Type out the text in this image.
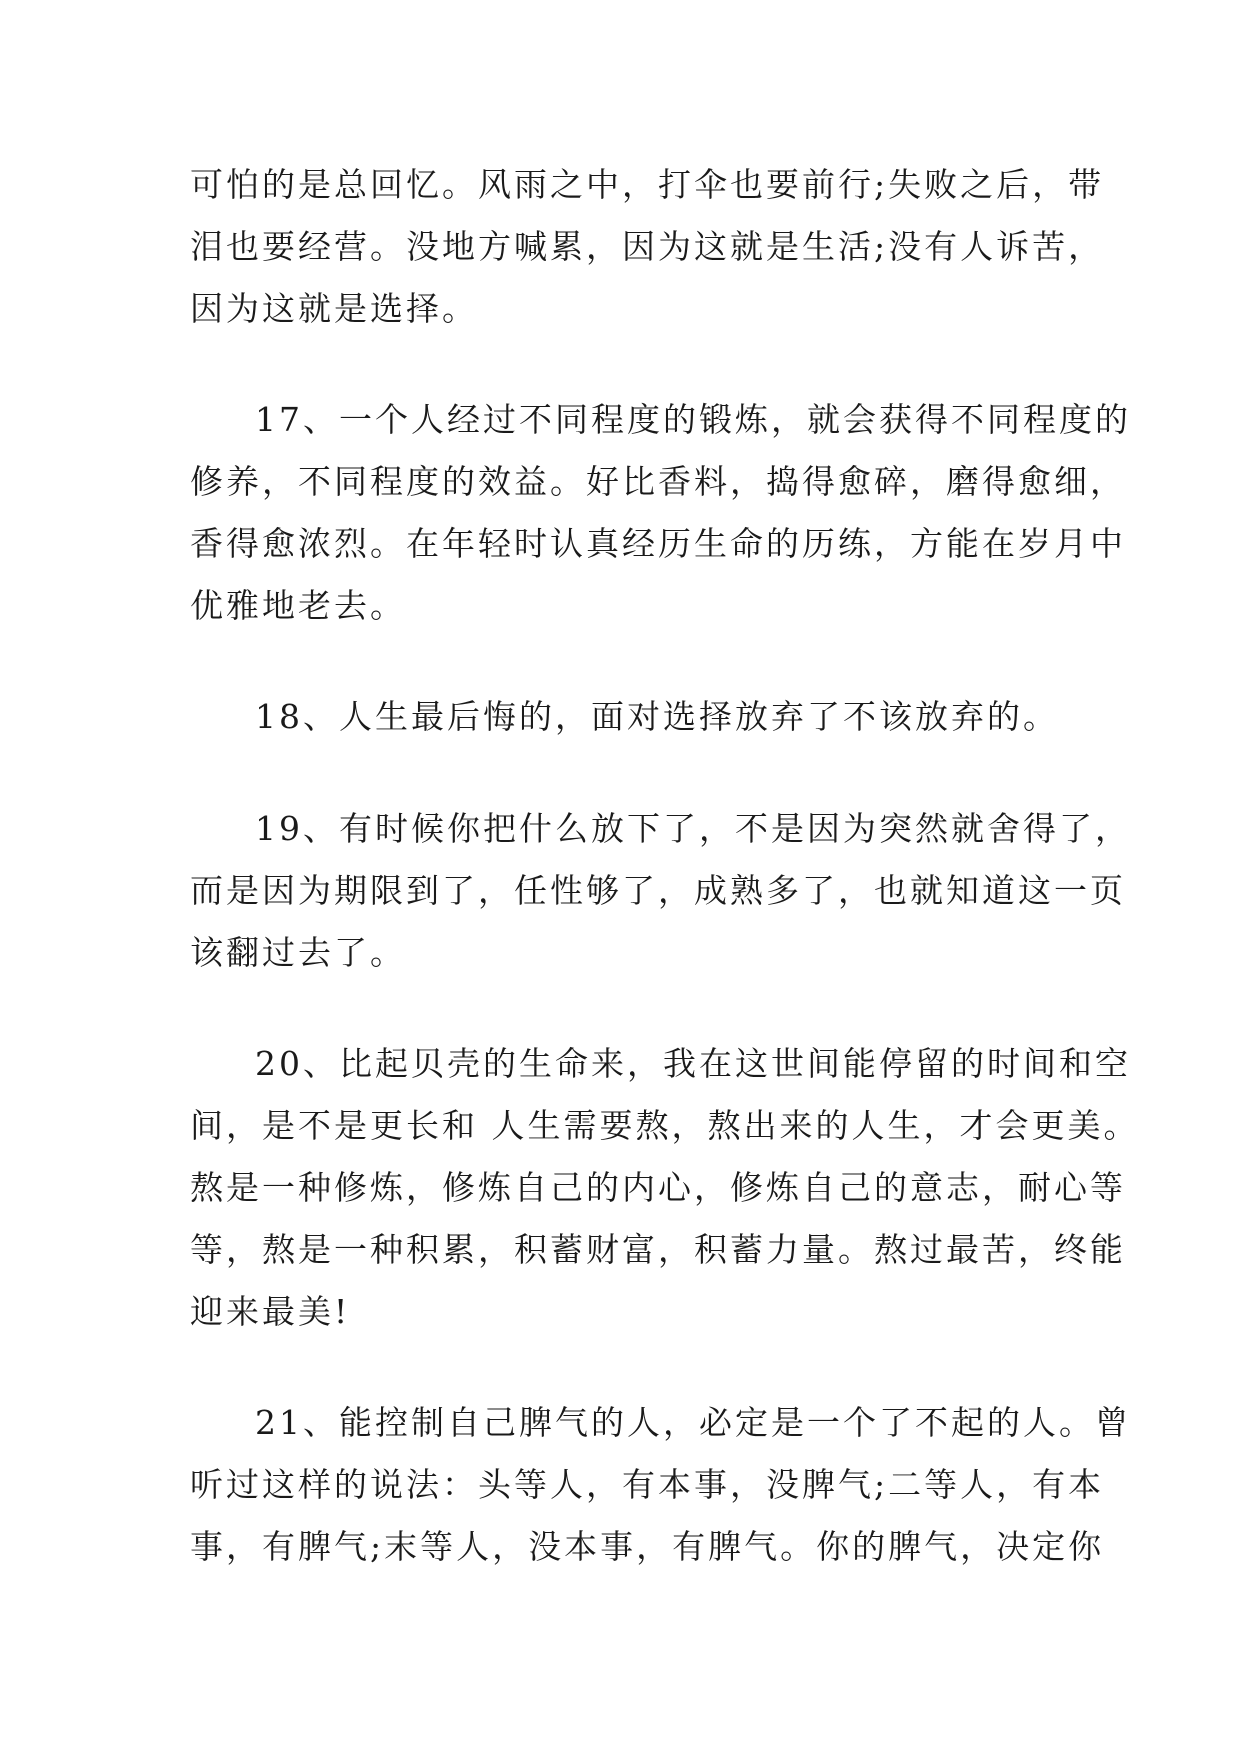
可怕的是总回忆。风雨之中，打伞也要前行;失败之后，带
泪也要经营。没地方喊累，因为这就是生活;没有人诉苦，
因为这就是选择。
17、一个人经过不同程度的锻炼，就会获得不同程度的
修养，不同程度的效益。好比香料，捣得愈碎，磨得愈细，
香得愈浓烈。在年轻时认真经历生命的历练，方能在岁月中
优雅地老去。
18、人生最后悔的，面对选择放弃了不该放弃的。
19、有时候你把什么放下了，不是因为突然就舍得了，
而是因为期限到了，任性够了，成熟多了，也就知道这一页
该翻过去了。
20、比起贝壳的生命来，我在这世间能停留的时间和空
间，是不是更长和 人生需要熬，熬出来的人生，才会更美。
熬是一种修炼，修炼自己的内心，修炼自己的意志，耐心等
等，熬是一种积累，积蓄财富，积蓄力量。熬过最苦，终能
迎来最美!
21、能控制自己脾气的人，必定是一个了不起的人。曾
听过这样的说法：头等人，有本事，没脾气;二等人，有本
事，有脾气;末等人，没本事，有脾气。你的脾气，决定你
